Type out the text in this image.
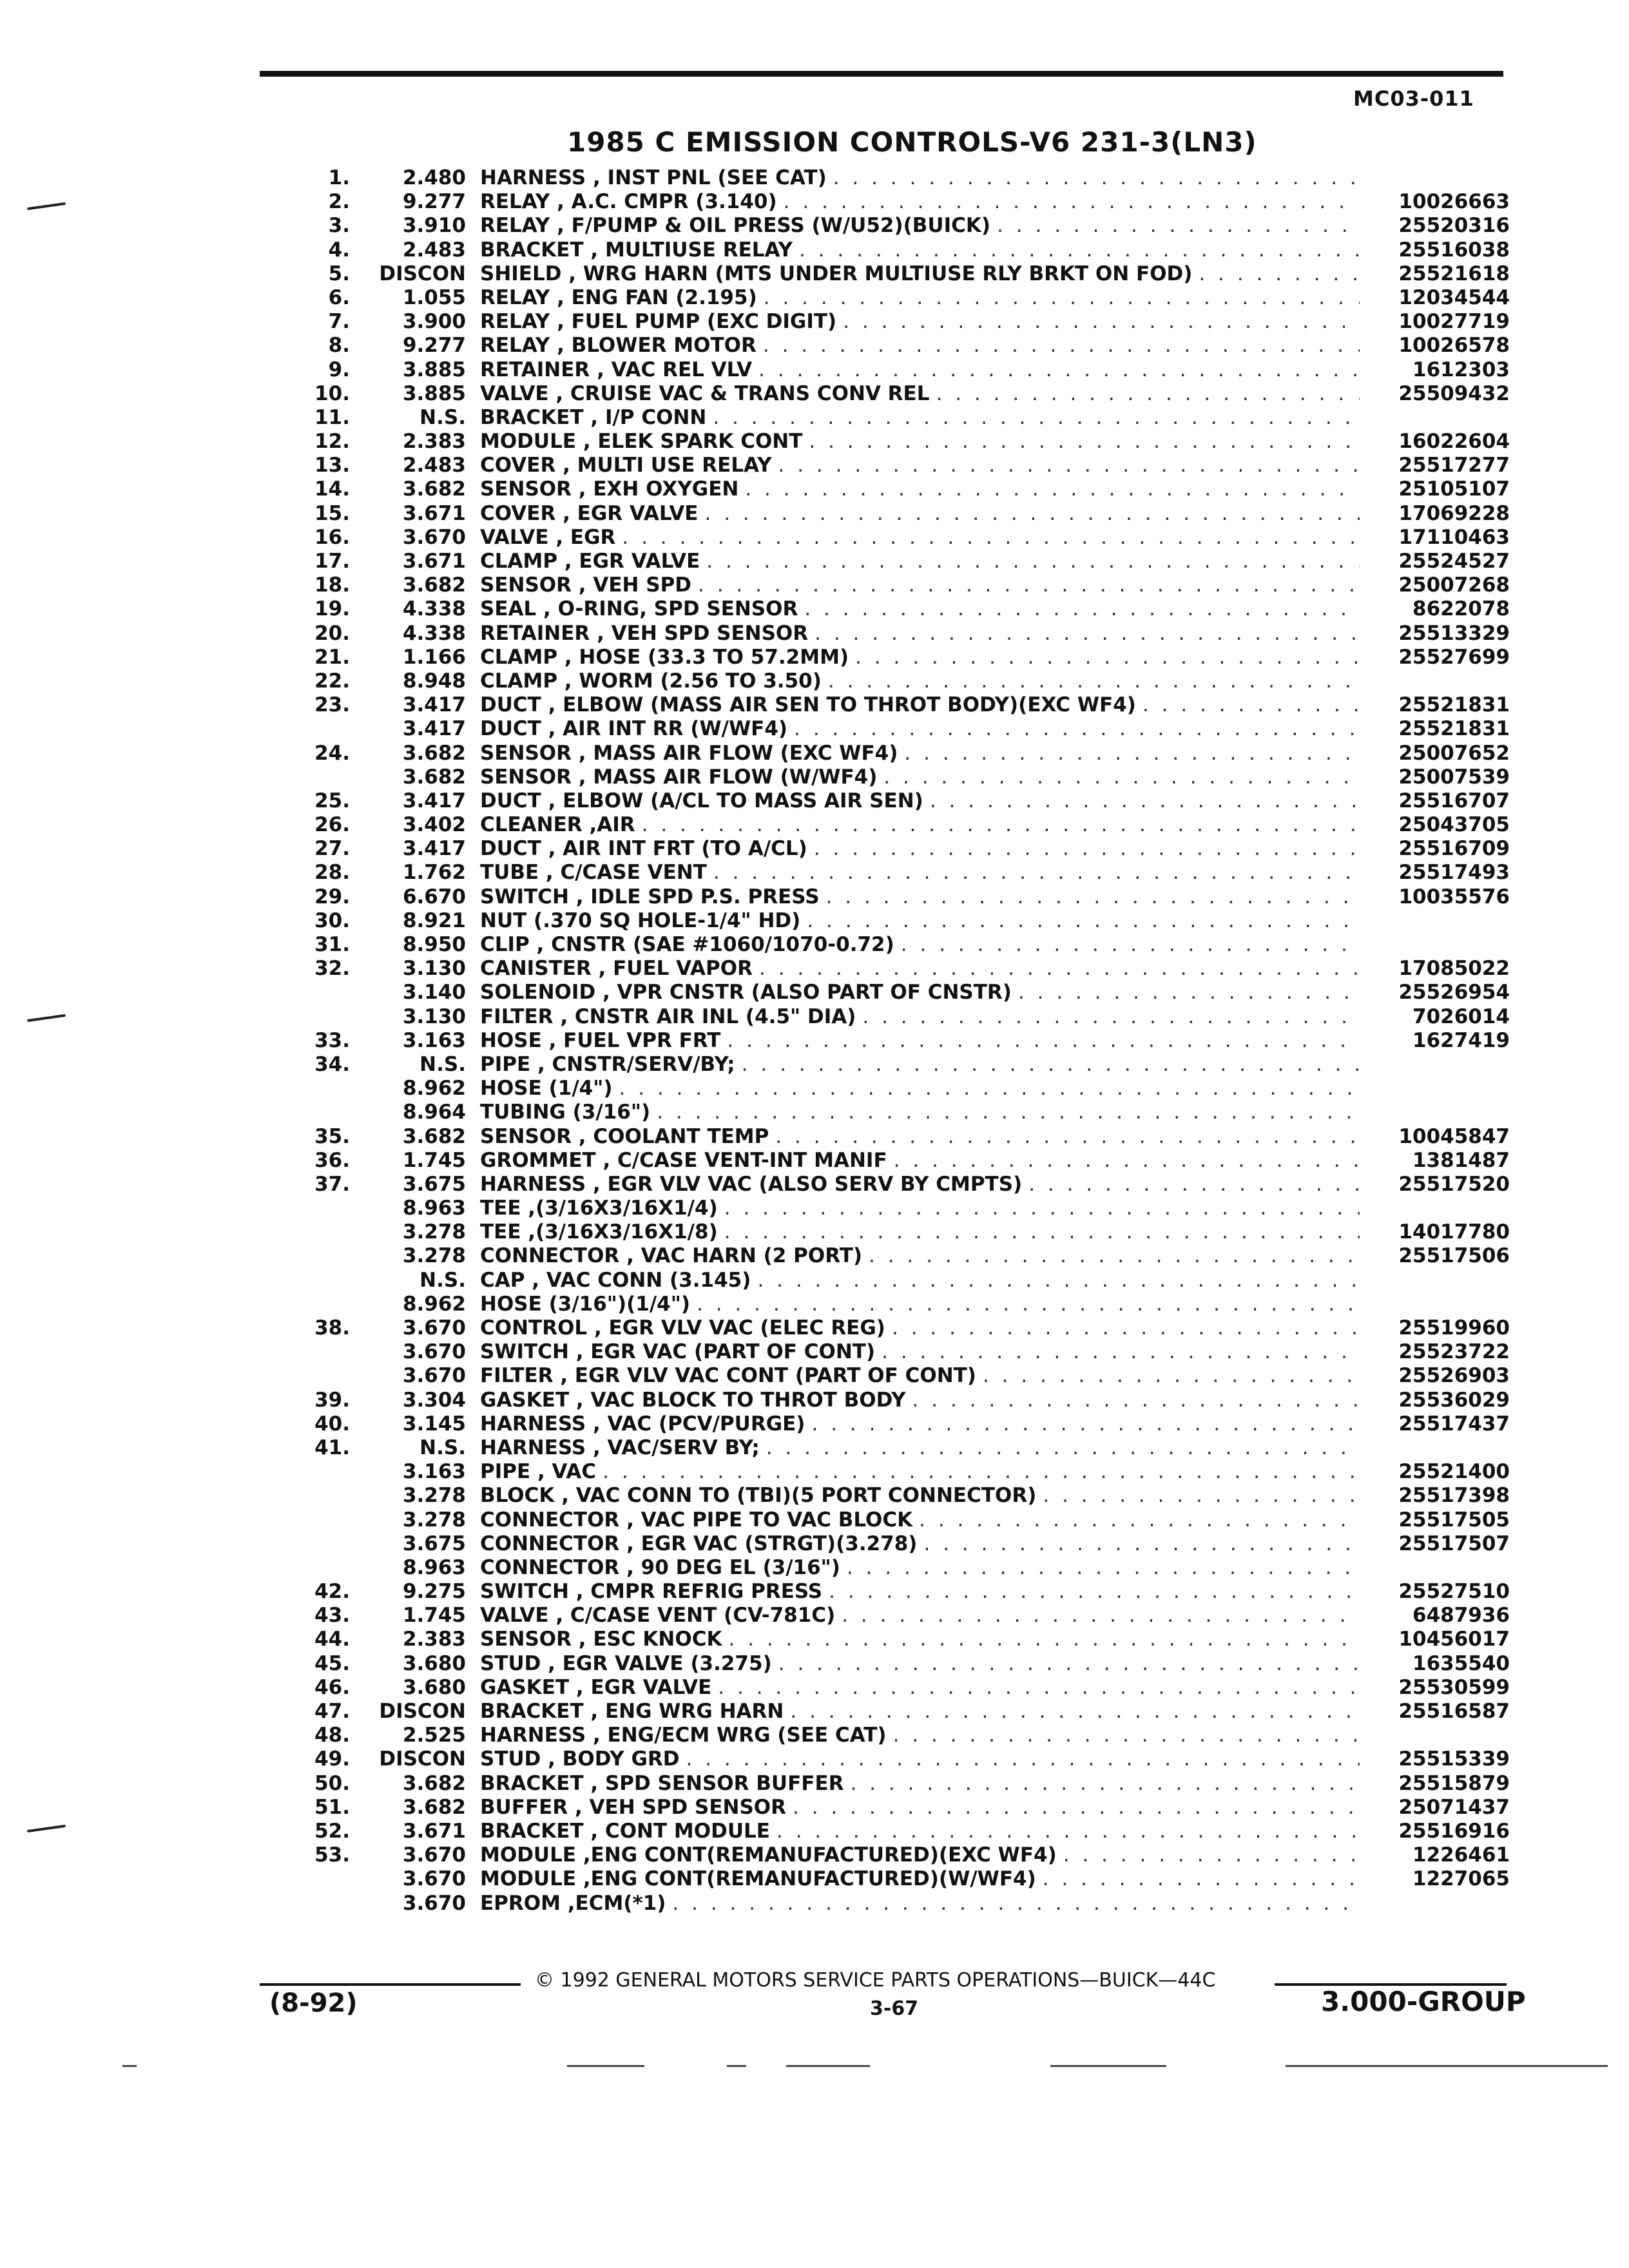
MC03-011
1985 C EMISSION CONTROLS-V6 231-3(LN3)
1.	2.480 HARNESS , INST PNL (SEE CAT)
. . .
2.	9.277 RELAY , A.C. CMPR (3.140) . . .	10026663
3.	3.910 RELAY , F/PUMP & OIL PRESS (W/U52)(BUICK) . . .	25520316
4.	2.483 BRACKET , MULTIUSE RELAY . . .	25516038
5. DISCON SHIELD , WRG HARN (MTS UNDER MULTIUSE RLY BRKT ON FOD) . . .	25521618
6.	1.055 RELAY , ENG FAN (2.195) . . .	12034544
7.	3.900 RELAY , FUEL PUMP (EXC DIGIT) . . .	10027719
8.	9.277 RELAY , BLOWER MOTOR . . .	10026578
9.	3.885 RETAINER , VAC REL VLV . . .	1612303
10.	3.885 VALVE , CRUISE VAC & TRANS CONV REL . . .	25509432
11.	N.S. BRACKET , I/P CONN
. . .
12.	2.383 MODULE , ELEK SPARK CONT . . .	16022604
13.	2.483 COVER , MULTI USE RELAY . . .	25517277
14.	3.682 SENSOR , EXH OXYGEN . . .	25105107
15.	3.671 COVER , EGR VALVE . . .	17069228
16.	3.670 VALVE , EGR . . .	17110463
17.	3.671 CLAMP , EGR VALVE . . .	25524527
18.	3.682 SENSOR , VEH SPD . . .	25007268
19.	4.338 SEAL , O-RING, SPD SENSOR . . .	8622078
20.	4.338 RETAINER , VEH SPD SENSOR . . .	25513329
21.	1.166 CLAMP , HOSE (33.3 TO 57.2MM) . . .	25527699
22.	8.948 CLAMP , WORM (2.56 TO 3.50)
. . .
23.	3.417 DUCT , ELBOW (MASS AIR SEN TO THROT BODY)(EXC WF4) . . .	25521831
3.417 DUCT , AIR INT RR (W/WF4) . . .	25521831
24.	3.682 SENSOR , MASS AIR FLOW (EXC WF4) . . .	25007652
3.682 SENSOR , MASS AIR FLOW (W/WF4) . . .	25007539
25.	3.417 DUCT , ELBOW (A/CL TO MASS AIR SEN) . . .	25516707
26.	3.402 CLEANER ,AIR . . .	25043705
27.	3.417 DUCT , AIR INT FRT (TO A/CL) . . .	25516709
28.	1.762 TUBE , C/CASE VENT . . .	25517493
29.	6.670 SWITCH , IDLE SPD P.S. PRESS . . .	10035576
30.	8.921 NUT (.370 SQ HOLE-1/4" HD)
. . .
31.	8.950 CLIP , CNSTR (SAE #1060/1070-0.72)
. . .
32.	3.130 CANISTER , FUEL VAPOR . . .	17085022
3.140 SOLENOID , VPR CNSTR (ALSO PART OF CNSTR) . . .	25526954
3.130 FILTER , CNSTR AIR INL (4.5" DIA) . . .	7026014
33.	3.163 HOSE , FUEL VPR FRT . . .	1627419
34.	N.S. PIPE , CNSTR/SERV/BY;
. . .
8.962 HOSE (1/4")
. . .
8.964 TUBING (3/16")
. . .
35.	3.682 SENSOR , COOLANT TEMP . . .	10045847
36.	1.745 GROMMET , C/CASE VENT-INT MANIF . . .	1381487
37.	3.675 HARNESS , EGR VLV VAC (ALSO SERV BY CMPTS) . . .	25517520
8.963 TEE ,(3/16X3/16X1/4)
. . .
3.278 TEE ,(3/16X3/16X1/8) . . .	14017780
3.278 CONNECTOR , VAC HARN (2 PORT) . . .	25517506
N.S. CAP , VAC CONN (3.145)
. . .
8.962 HOSE (3/16")(1/4")
. . .
38.	3.670 CONTROL , EGR VLV VAC (ELEC REG) . . .	25519960
3.670 SWITCH , EGR VAC (PART OF CONT) . . .	25523722
3.670 FILTER , EGR VLV VAC CONT (PART OF CONT) . . .	25526903
39.	3.304 GASKET , VAC BLOCK TO THROT BODY . . .	25536029
40.	3.145 HARNESS , VAC (PCV/PURGE) . . .	25517437
41.	N.S. HARNESS , VAC/SERV BY;
. . .
3.163 PIPE , VAC . . .	25521400
3.278 BLOCK , VAC CONN TO (TBI)(5 PORT CONNECTOR) . . .	25517398
3.278 CONNECTOR , VAC PIPE TO VAC BLOCK . . .	25517505
3.675 CONNECTOR , EGR VAC (STRGT)(3.278) . . .	25517507
8.963 CONNECTOR , 90 DEG EL (3/16")
. . .
42.	9.275 SWITCH , CMPR REFRIG PRESS . . .	25527510
43.	1.745 VALVE , C/CASE VENT (CV-781C) . . .	6487936
44.	2.383 SENSOR , ESC KNOCK . . .	10456017
45.	3.680 STUD , EGR VALVE (3.275) . . .	1635540
46.	3.680 GASKET , EGR VALVE . . .	25530599
47. DISCON BRACKET , ENG WRG HARN . . .	25516587
48.	2.525 HARNESS , ENG/ECM WRG (SEE CAT)
. . .
49. DISCON STUD , BODY GRD . . .	25515339
50.	3.682 BRACKET , SPD SENSOR BUFFER . . .	25515879
51.	3.682 BUFFER , VEH SPD SENSOR . . .	25071437
52.	3.671 BRACKET , CONT MODULE . . .	25516916
53.	3.670 MODULE ,ENG CONT(REMANUFACTURED)(EXC WF4) . . .	1226461
3.670 MODULE ,ENG CONT(REMANUFACTURED)(W/WF4) . . .	1227065
3.670 EPROM ,ECM(*1)
. . .
© 1992 GENERAL MOTORS SERVICE PARTS OPERATIONS—BUICK—44C
3-67
(8-92)	3.000-GROUP
